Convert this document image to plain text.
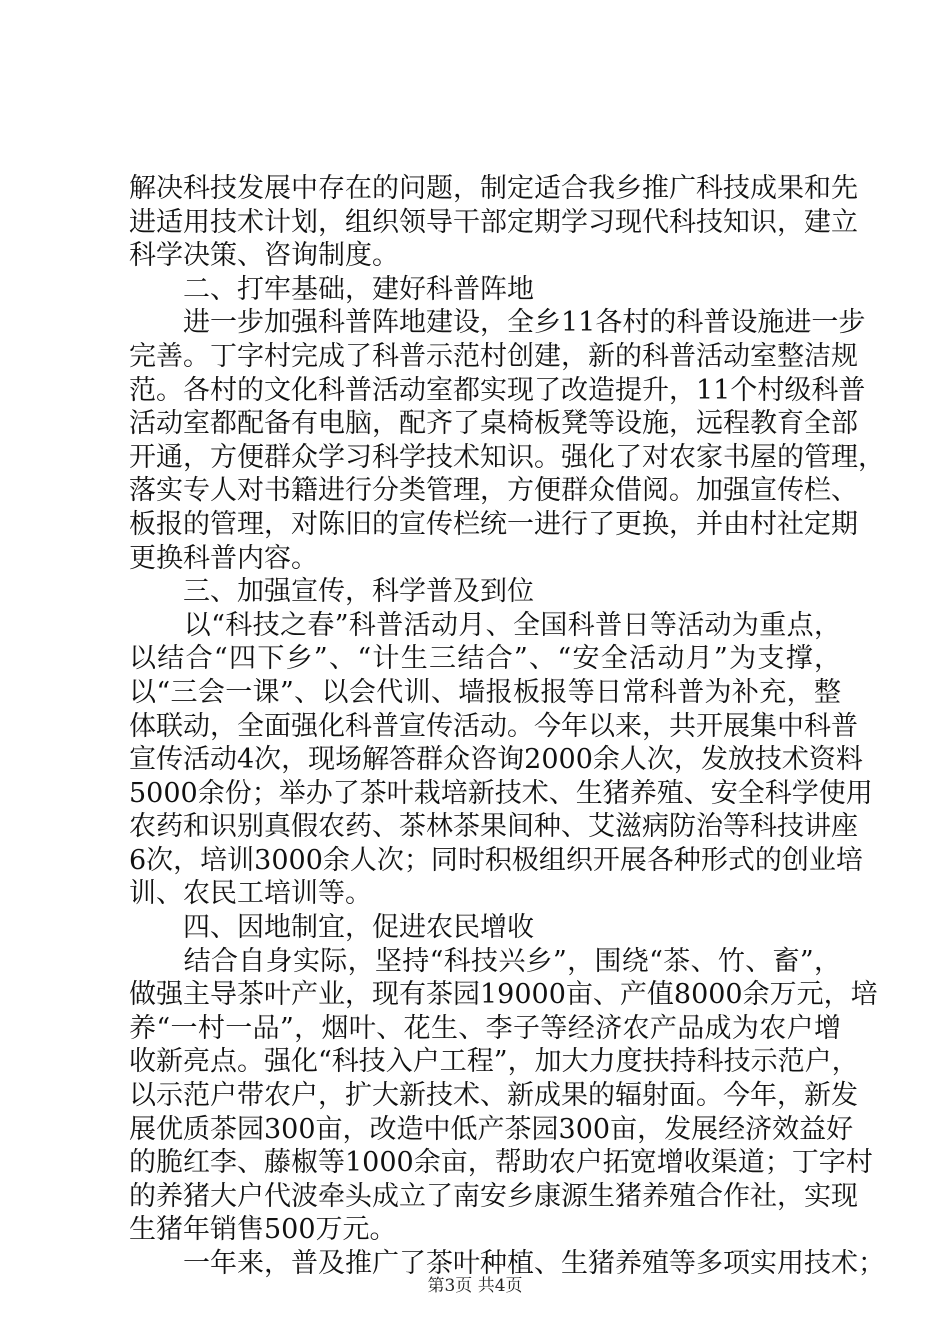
解决科技发展中存在的问题，制定适合我乡推广科技成果和先
进适用技术计划，组织领导干部定期学习现代科技知识，建立
科学决策、咨询制度。
　　二、打牢基础，建好科普阵地
　　进一步加强科普阵地建设，全乡11各村的科普设施进一步
完善。丁字村完成了科普示范村创建，新的科普活动室整洁规
范。各村的文化科普活动室都实现了改造提升，11个村级科普
活动室都配备有电脑，配齐了桌椅板凳等设施，远程教育全部
开通，方便群众学习科学技术知识。强化了对农家书屋的管理，
落实专人对书籍进行分类管理，方便群众借阅。加强宣传栏、
板报的管理，对陈旧的宣传栏统一进行了更换，并由村社定期
更换科普内容。
　　三、加强宣传，科学普及到位
　　以“科技之春”科普活动月、全国科普日等活动为重点，
以结合“四下乡”、“计生三结合”、“安全活动月”为支撑，
以“三会一课”、以会代训、墙报板报等日常科普为补充，整
体联动，全面强化科普宣传活动。今年以来，共开展集中科普
宣传活动4次，现场解答群众咨询2000余人次，发放技术资料
5000余份；举办了茶叶栽培新技术、生猪养殖、安全科学使用
农药和识别真假农药、茶林茶果间种、艾滋病防治等科技讲座
6次，培训3000余人次；同时积极组织开展各种形式的创业培
训、农民工培训等。
　　四、因地制宜，促进农民增收
　　结合自身实际，坚持“科技兴乡”，围绕“茶、竹、畜”，
做强主导茶叶产业，现有茶园19000亩、产值8000余万元，培
养“一村一品”，烟叶、花生、李子等经济农产品成为农户增
收新亮点。强化“科技入户工程”，加大力度扶持科技示范户，
以示范户带农户，扩大新技术、新成果的辐射面。今年，新发
展优质茶园300亩，改造中低产茶园300亩，发展经济效益好
的脆红李、藤椒等1000余亩，帮助农户拓宽增收渠道；丁字村
的养猪大户代波牵头成立了南安乡康源生猪养殖合作社，实现
生猪年销售500万元。
　　一年来，普及推广了茶叶种植、生猪养殖等多项实用技术；
第3页 共4页
